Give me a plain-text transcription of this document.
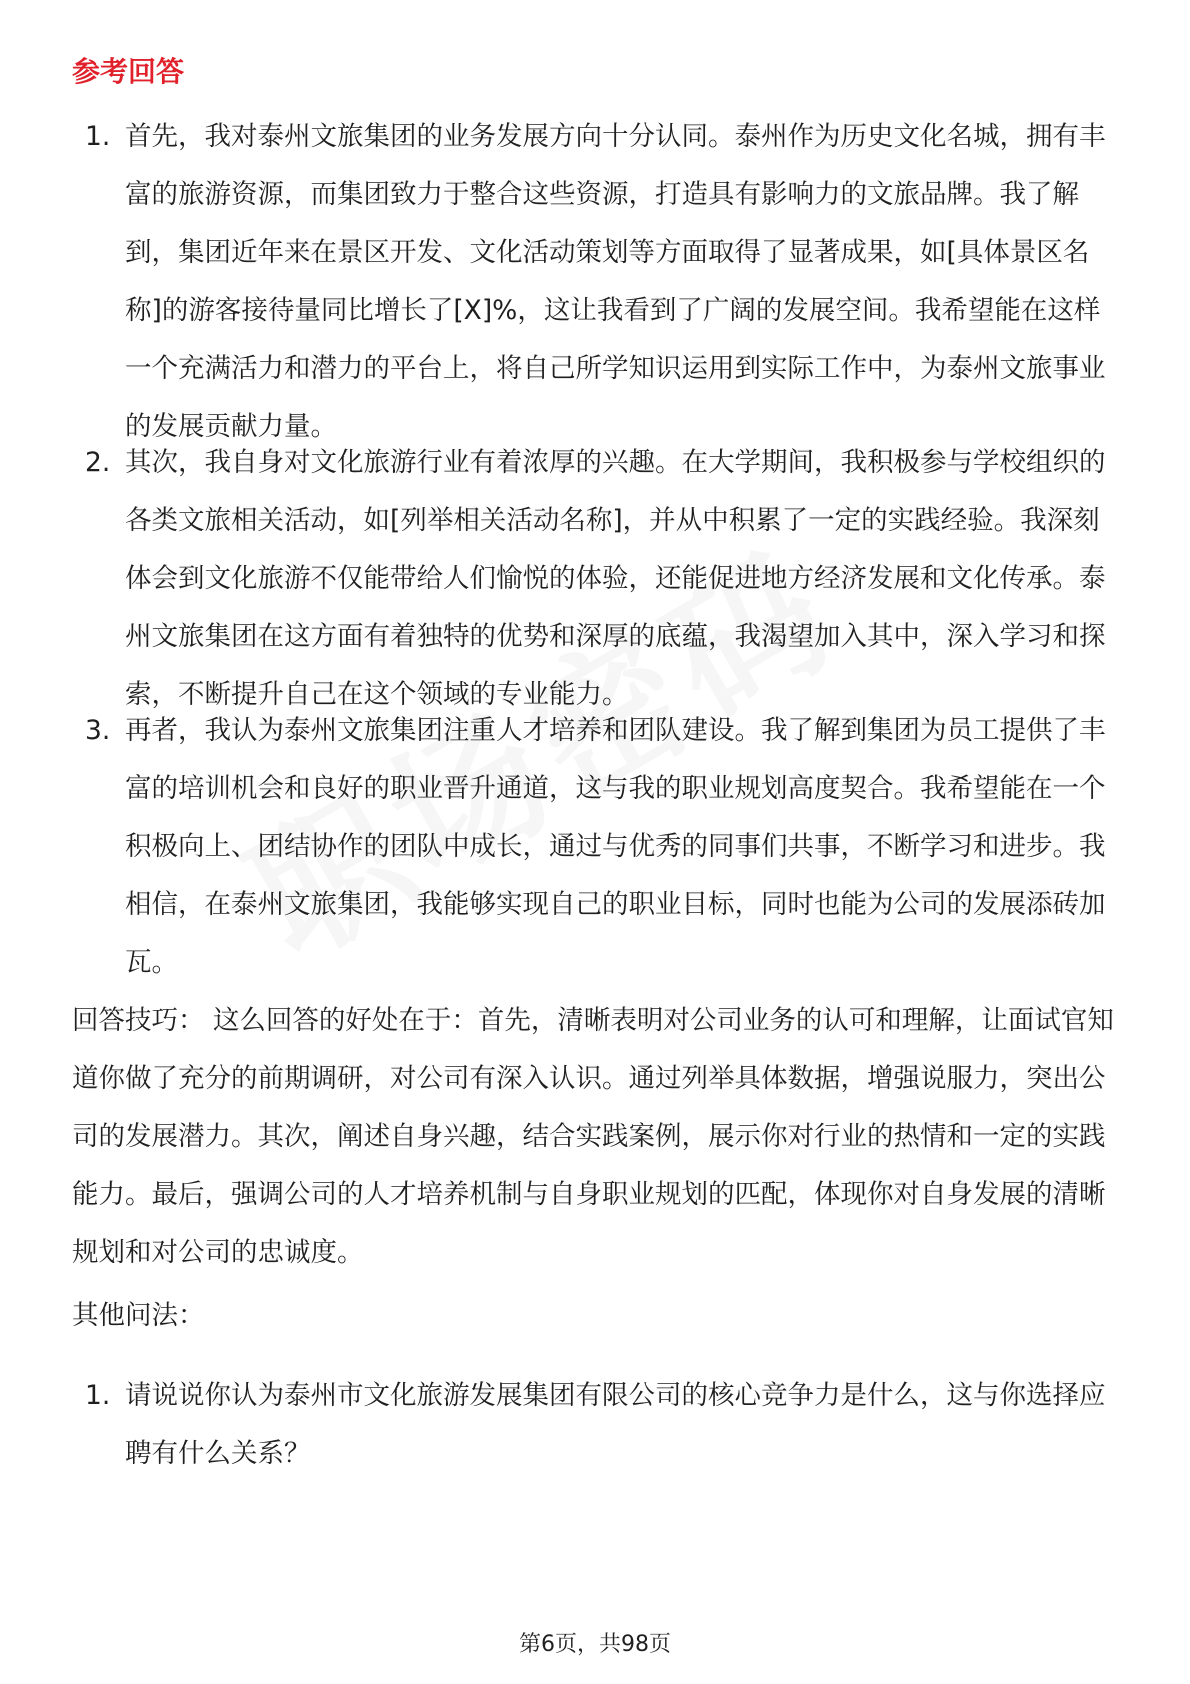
参考回答
1. 首先，我对泰州文旅集团的业务发展方向十分认同。泰州作为历史文化名城，拥有丰富的旅游资源，而集团致力于整合这些资源，打造具有影响力的文旅品牌。我了解到，集团近年来在景区开发、文化活动策划等方面取得了显著成果，如[具体景区名称]的游客接待量同比增长了[X]%，这让我看到了广阔的发展空间。我希望能在这样一个充满活力和潜力的平台上，将自己所学知识运用到实际工作中，为泰州文旅事业的发展贡献力量。
2. 其次，我自身对文化旅游行业有着浓厚的兴趣。在大学期间，我积极参与学校组织的各类文旅相关活动，如[列举相关活动名称]，并从中积累了一定的实践经验。我深刻体会到文化旅游不仅能带给人们愉悦的体验，还能促进地方经济发展和文化传承。泰州文旅集团在这方面有着独特的优势和深厚的底蕴，我渴望加入其中，深入学习和探索，不断提升自己在这个领域的专业能力。
3. 再者，我认为泰州文旅集团注重人才培养和团队建设。我了解到集团为员工提供了丰富的培训机会和良好的职业晋升通道，这与我的职业规划高度契合。我希望能在一个积极向上、团结协作的团队中成长，通过与优秀的同事们共事，不断学习和进步。我相信，在泰州文旅集团，我能够实现自己的职业目标，同时也能为公司的发展添砖加瓦。
回答技巧： 这么回答的好处在于：首先，清晰表明对公司业务的认可和理解，让面试官知道你做了充分的前期调研，对公司有深入认识。通过列举具体数据，增强说服力，突出公司的发展潜力。其次，阐述自身兴趣，结合实践案例，展示你对行业的热情和一定的实践能力。最后，强调公司的人才培养机制与自身职业规划的匹配，体现你对自身发展的清晰规划和对公司的忠诚度。
其他问法：
1. 请说说你认为泰州市文化旅游发展集团有限公司的核心竞争力是什么，这与你选择应聘有什么关系？
第6页，共98页
